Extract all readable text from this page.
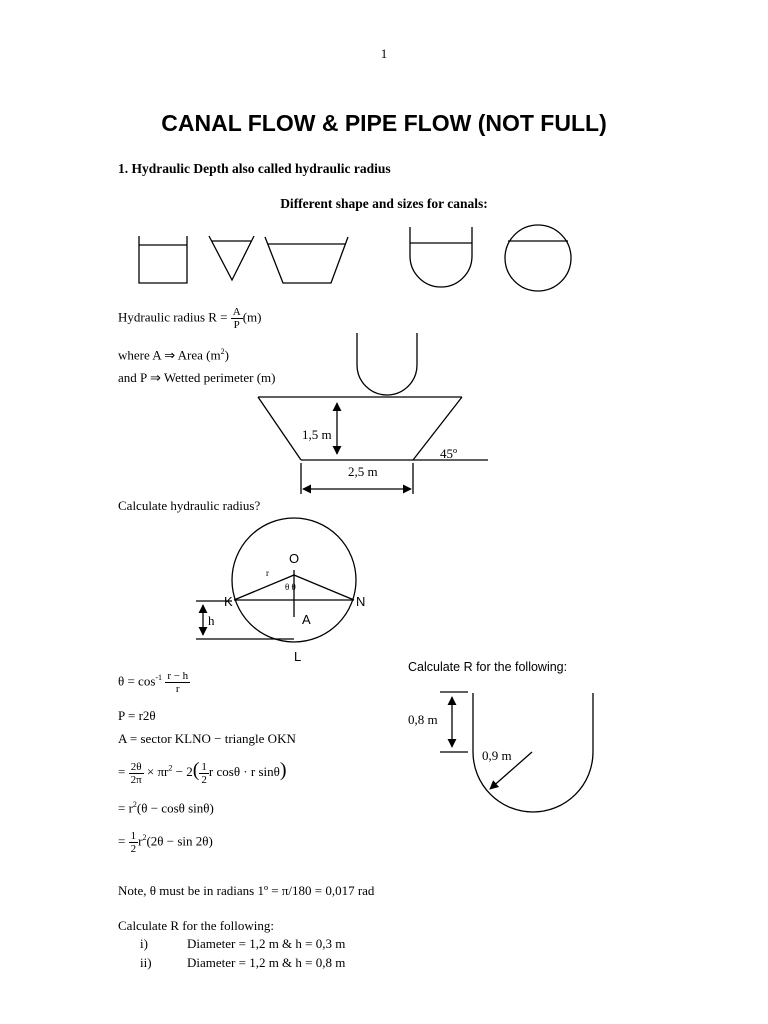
1
CANAL FLOW & PIPE FLOW (NOT FULL)
1. Hydraulic Depth also called hydraulic radius
Different shape and sizes for canals:
Hydraulic radius $R = \frac{A}{P} (m)$
where A ⇒ Area $(m^2)$
and P ⇒ Wetted perimeter (m)
1,5 m
2,5 m
45º
Calculate hydraulic radius?
O
r
θ θ
K	N
h	A
L
$\theta = \cos^{-1} \frac{r - h}{r}$
P = r2θ
A = sector KLNO − triangle OKN
= $\frac{2\theta}{2\pi} \times \pi r^2 - 2( \frac{1}{2}$ r cosθ · r sinθ)
= $r^2(\theta - \cos\theta$ sinθ)
= $\frac{1}{2} r^2(2\theta - \sin 2\theta)$
Calculate R for the following:
0,8 m
0,9 m
Note, θ must be in radians 1º = π/180 = 0,017 rad
Calculate R for the following:
i)	Diameter = 1,2 m & h = 0,3 m
ii)	Diameter = 1,2 m & h = 0,8 m
